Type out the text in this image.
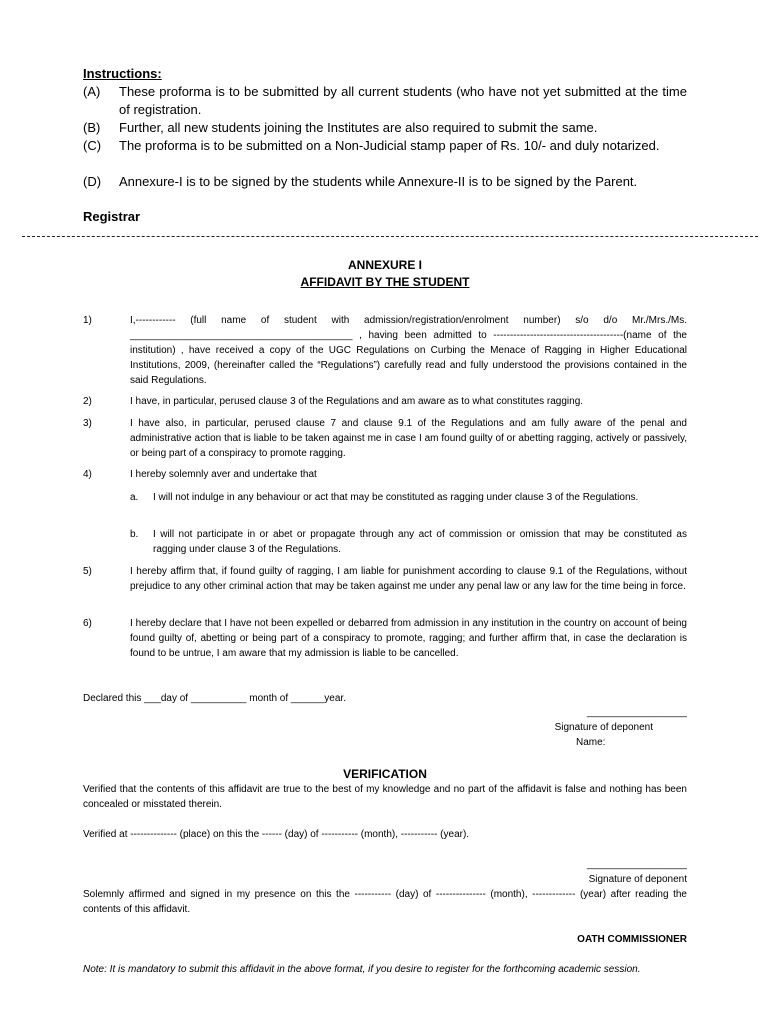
Instructions:
(A) These proforma is to be submitted by all current students (who have not yet submitted at the time of registration.
(B) Further, all new students joining the Institutes are also required to submit the same.
(C) The proforma is to be submitted on a Non-Judicial stamp paper of Rs. 10/- and duly notarized.
(D) Annexure-I is to be signed by the students while Annexure-II is to be signed by the Parent.
Registrar
ANNEXURE I
AFFIDAVIT BY THE STUDENT
1)	I,------------ (full name of student with admission/registration/enrolment number) s/o d/o Mr./Mrs./Ms. ________________________________________ , having been admitted to ---------------------------------------(name of the institution) , have received a copy of the UGC Regulations on Curbing the Menace of Ragging in Higher Educational Institutions, 2009, (hereinafter called the “Regulations”) carefully read and fully understood the provisions contained in the said Regulations.
2)	I have, in particular, perused clause 3 of the Regulations and am aware as to what constitutes ragging.
3)	I have also, in particular, perused clause 7 and clause 9.1 of the Regulations and am fully aware of the penal and administrative action that is liable to be taken against me in case I am found guilty of or abetting ragging, actively or passively, or being part of a conspiracy to promote ragging.
4)	I hereby solemnly aver and undertake that
a. I will not indulge in any behaviour or act that may be constituted as ragging under clause 3 of the Regulations.
b. I will not participate in or abet or propagate through any act of commission or omission that may be constituted as ragging under clause 3 of the Regulations.
5)	I hereby affirm that, if found guilty of ragging, I am liable for punishment according to clause 9.1 of the Regulations, without prejudice to any other criminal action that may be taken against me under any penal law or any law for the time being in force.
6)	I hereby declare that I have not been expelled or debarred from admission in any institution in the country on account of being found guilty of, abetting or being part of a conspiracy to promote, ragging; and further affirm that, in case the declaration is found to be untrue, I am aware that my admission is liable to be cancelled.
Declared this ___day of __________ month of ______year.
__________________
Signature of deponent
Name:
VERIFICATION
Verified that the contents of this affidavit are true to the best of my knowledge and no part of the affidavit is false and nothing has been concealed or misstated therein.
Verified at -------------- (place) on this the ------ (day) of ----------- (month), ----------- (year).
__________________
Signature of deponent
Solemnly affirmed and signed in my presence on this the ----------- (day) of --------------- (month), ------------- (year) after reading the contents of this affidavit.
OATH COMMISSIONER
Note: It is mandatory to submit this affidavit in the above format, if you desire to register for the forthcoming academic session.
